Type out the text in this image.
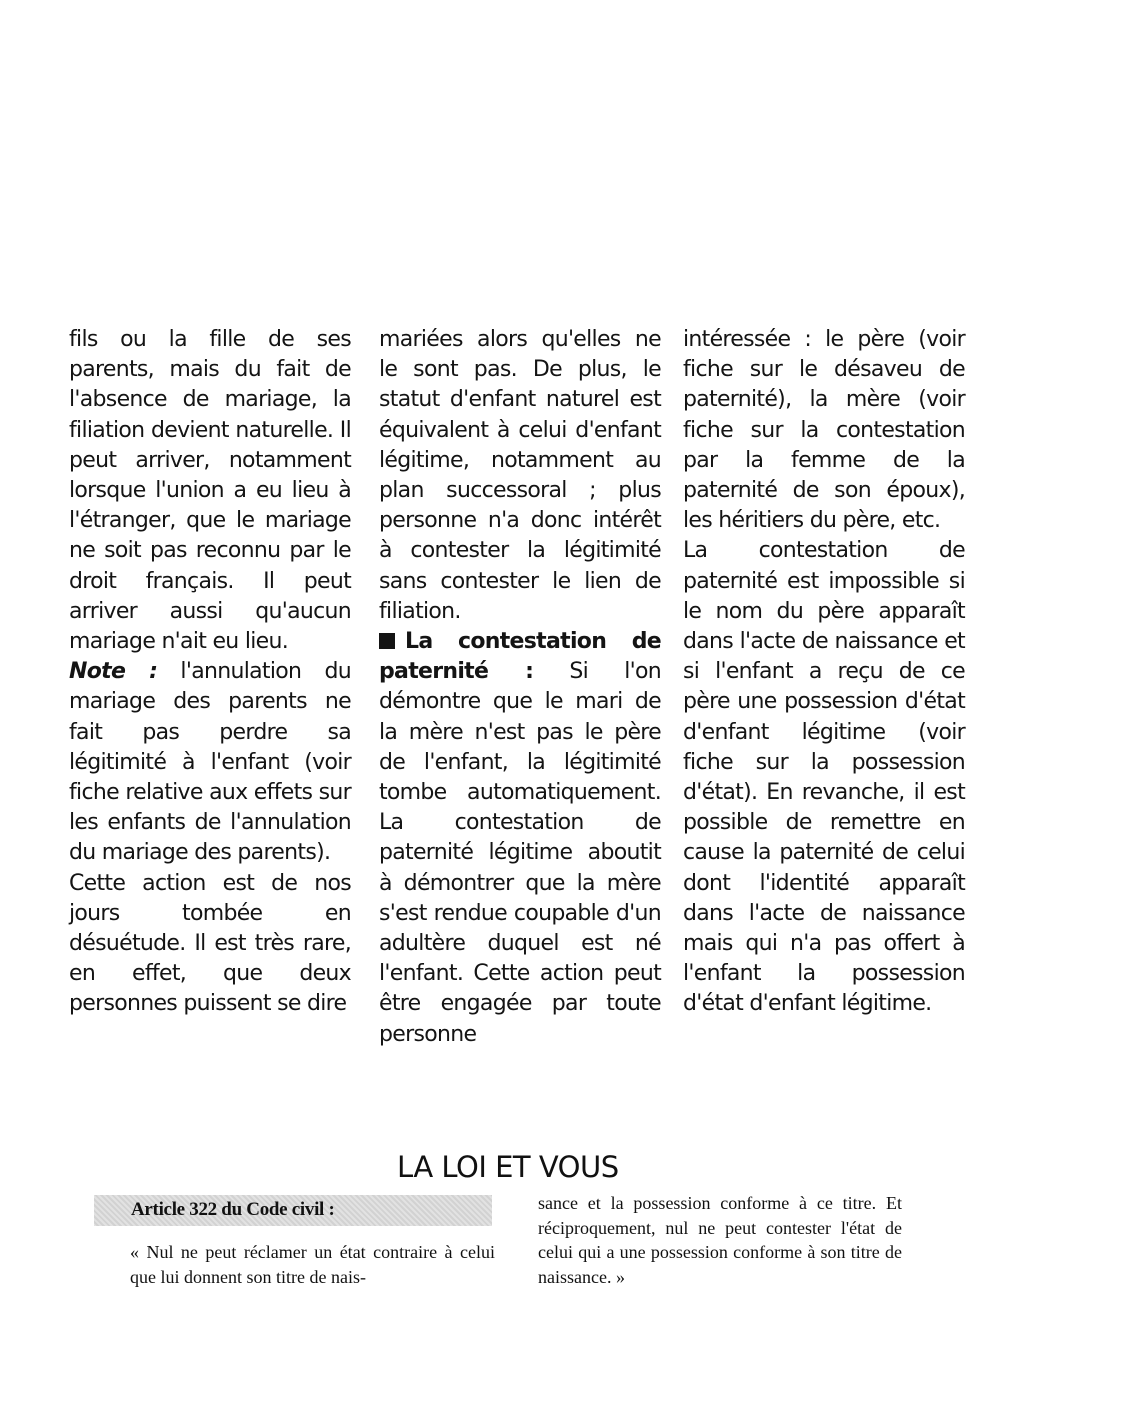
fils ou la fille de ses parents, mais du fait de l'absence de mariage, la filiation devient naturelle. Il peut arriver, notamment lorsque l'union a eu lieu à l'étranger, que le mariage ne soit pas reconnu par le droit français. Il peut arriver aussi qu'aucun mariage n'ait eu lieu.

Note : l'annulation du mariage des parents ne fait pas perdre sa légitimité à l'enfant (voir fiche relative aux effets sur les enfants de l'annulation du mariage des parents).

Cette action est de nos jours tombée en désuétude. Il est très rare, en effet, que deux personnes puissent se dire

mariées alors qu'elles ne le sont pas. De plus, le statut d'enfant naturel est équivalent à celui d'enfant légitime, notamment au plan successoral ; plus personne n'a donc intérêt à contester la légitimité sans contester le lien de filiation.

La contestation de paternité : Si l'on démontre que le mari de la mère n'est pas le père de l'enfant, la légitimité tombe automatiquement. La contestation de paternité légitime aboutit à démontrer que la mère s'est rendue coupable d'un adultère duquel est né l'enfant. Cette action peut être engagée par toute personne

intéressée : le père (voir fiche sur le désaveu de paternité), la mère (voir fiche sur la contestation par la femme de la paternité de son époux), les héritiers du père, etc.

La contestation de paternité est impossible si le nom du père apparaît dans l'acte de naissance et si l'enfant a reçu de ce père une possession d'état d'enfant légitime (voir fiche sur la possession d'état). En revanche, il est possible de remettre en cause la paternité de celui dont l'identité apparaît dans l'acte de naissance mais qui n'a pas offert à l'enfant la possession d'état d'enfant légitime.

LA LOI ET VOUS
Article 322 du Code civil :

« Nul ne peut réclamer un état contraire à celui que lui donnent son titre de nais-

sance et la possession conforme à ce titre. Et réciproquement, nul ne peut contester l'état de celui qui a une possession conforme à son titre de naissance. »
